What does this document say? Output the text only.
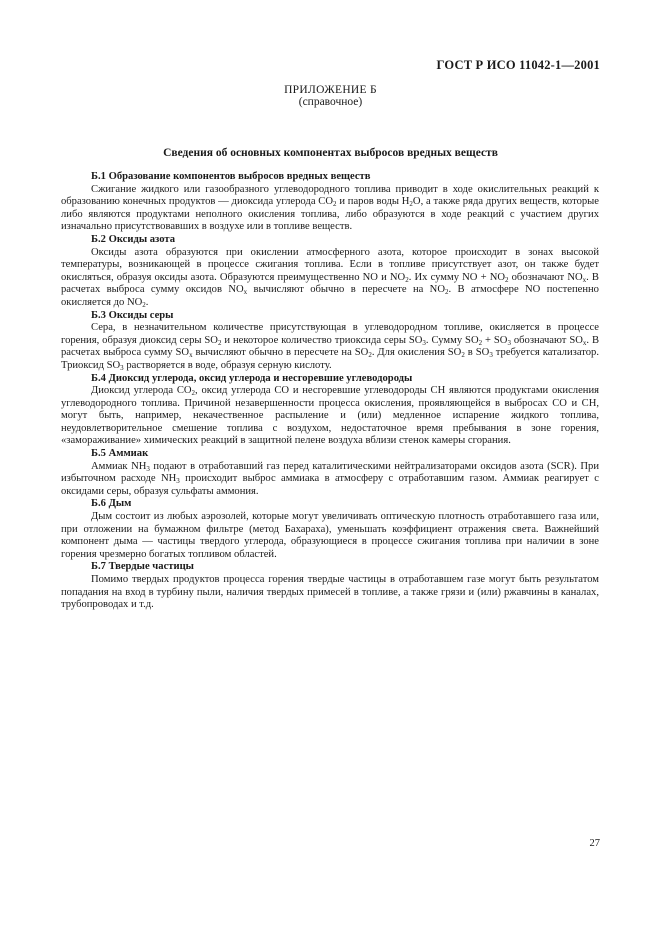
ГОСТ Р ИСО 11042-1—2001
ПРИЛОЖЕНИЕ Б
(справочное)
Сведения об основных компонентах выбросов вредных веществ
Б.1 Образование компонентов выбросов вредных веществ

Сжигание жидкого или газообразного углеводородного топлива приводит в ходе окислительных реакций к образованию конечных продуктов — диоксида углерода $CO_2$ и паров воды $H_2O$, а также ряда других веществ, которые либо являются продуктами неполного окисления топлива, либо образуются в ходе реакций с участием других изначально присутствовавших в воздухе или в топливе веществ.

Б.2 Оксиды азота

Оксиды азота образуются при окислении атмосферного азота, которое происходит в зонах высокой температуры, возникающей в процессе сжигания топлива. Если в топливе присутствует азот, он также будет окисляться, образуя оксиды азота. Образуются преимущественно NO и $NO_2$. Их сумму NO + $NO_2$ обозначают $NO_x$. В расчетах выброса сумму оксидов $NO_x$ вычисляют обычно в пересчете на $NO_2$. В атмосфере NO постепенно окисляется до $NO_2$.

Б.3 Оксиды серы

Сера, в незначительном количестве присутствующая в углеводородном топливе, окисляется в процессе горения, образуя диоксид серы $SO_2$ и некоторое количество триоксида серы $SO_3$. Сумму $SO_2 + SO_3$ обозначают $SO_x$. В расчетах выброса сумму $SO_x$ вычисляют обычно в пересчете на $SO_2$. Для окисления $SO_2$ в $SO_3$ требуется катализатор. Триоксид $SO_3$ растворяется в воде, образуя серную кислоту.

Б.4 Диоксид углерода, оксид углерода и несгоревшие углеводороды

Диоксид углерода $CO_2$, оксид углерода CO и несгоревшие углеводороды CH являются продуктами окисления углеводородного топлива. Причиной незавершенности процесса окисления, проявляющейся в выбросах CO и CH, могут быть, например, некачественное распыление и (или) медленное испарение жидкого топлива, неудовлетворительное смешение топлива с воздухом, недостаточное время пребывания в зоне горения, «замораживание» химических реакций в защитной пелене воздуха вблизи стенок камеры сгорания.

Б.5 Аммиак

Аммиак $NH_3$ подают в отработавший газ перед каталитическими нейтрализаторами оксидов азота (SCR). При избыточном расходе $NH_3$ происходит выброс аммиака в атмосферу с отработавшим газом. Аммиак реагирует с оксидами серы, образуя сульфаты аммония.

Б.6 Дым

Дым состоит из любых аэрозолей, которые могут увеличивать оптическую плотность отработавшего газа или, при отложении на бумажном фильтре (метод Бахараха), уменьшать коэффициент отражения света. Важнейший компонент дыма — частицы твердого углерода, образующиеся в процессе сжигания топлива при наличии в зоне горения чрезмерно богатых топливом областей.

Б.7 Твердые частицы

Помимо твердых продуктов процесса горения твердые частицы в отработавшем газе могут быть результатом попадания на вход в турбину пыли, наличия твердых примесей в топливе, а также грязи и (или) ржавчины в каналах, трубопроводах и т.д.

27
